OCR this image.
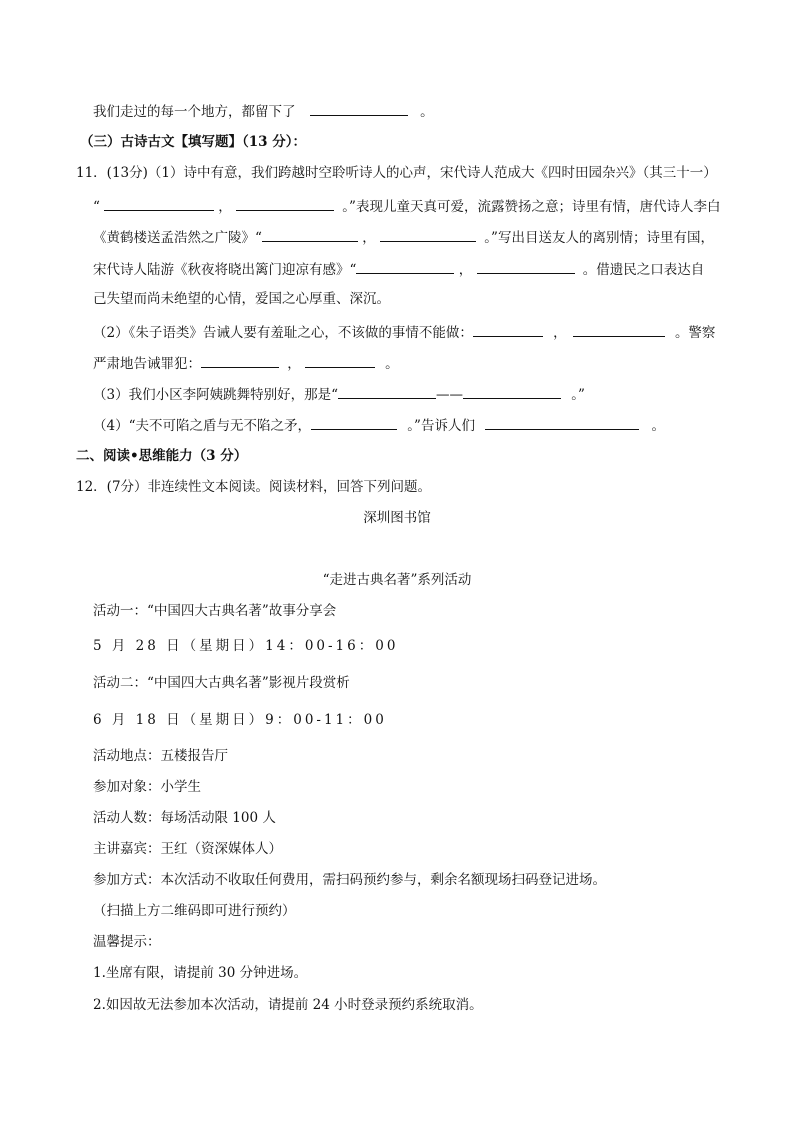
我们走过的每一个地方，都留下了	。
（三）古诗古文【填写题】（13 分）：
11．(13分)（1）诗中有意，我们跨越时空聆听诗人的心声，宋代诗人范成大《四时田园杂兴》（其三十一）
“	，	。”表现儿童天真可爱，流露赞扬之意；诗里有情，唐代诗人李白
《黄鹤楼送孟浩然之广陵》“	，	。”写出目送友人的离别情；诗里有国，
宋代诗人陆游《秋夜将晓出篱门迎凉有感》“	，	。借遗民之口表达自
己失望而尚未绝望的心情，爱国之心厚重、深沉。
（2）《朱子语类》告诫人要有羞耻之心，不该做的事情不能做：	，	。警察
严肃地告诫罪犯：	，	。
（3）我们小区李阿姨跳舞特别好，那是“	——	。”
（4）“夫不可陷之盾与无不陷之矛，	。”告诉人们	。
二、阅读•思维能力（3 分）
12．(7分）非连续性文本阅读。阅读材料，回答下列问题。
深圳图书馆
“走进古典名著”系列活动
活动一：“中国四大古典名著”故事分享会
5 月 28 日（星期日）14：00-16：00
活动二：“中国四大古典名著”影视片段赏析
6 月 18 日（星期日）9：00-11：00
活动地点：五楼报告厅
参加对象：小学生
活动人数：每场活动限 100 人
主讲嘉宾：王红（资深媒体人）
参加方式：本次活动不收取任何费用，需扫码预约参与，剩余名额现场扫码登记进场。
（扫描上方二维码即可进行预约）
温馨提示：
1.坐席有限，请提前 30 分钟进场。
2.如因故无法参加本次活动，请提前 24 小时登录预约系统取消。
